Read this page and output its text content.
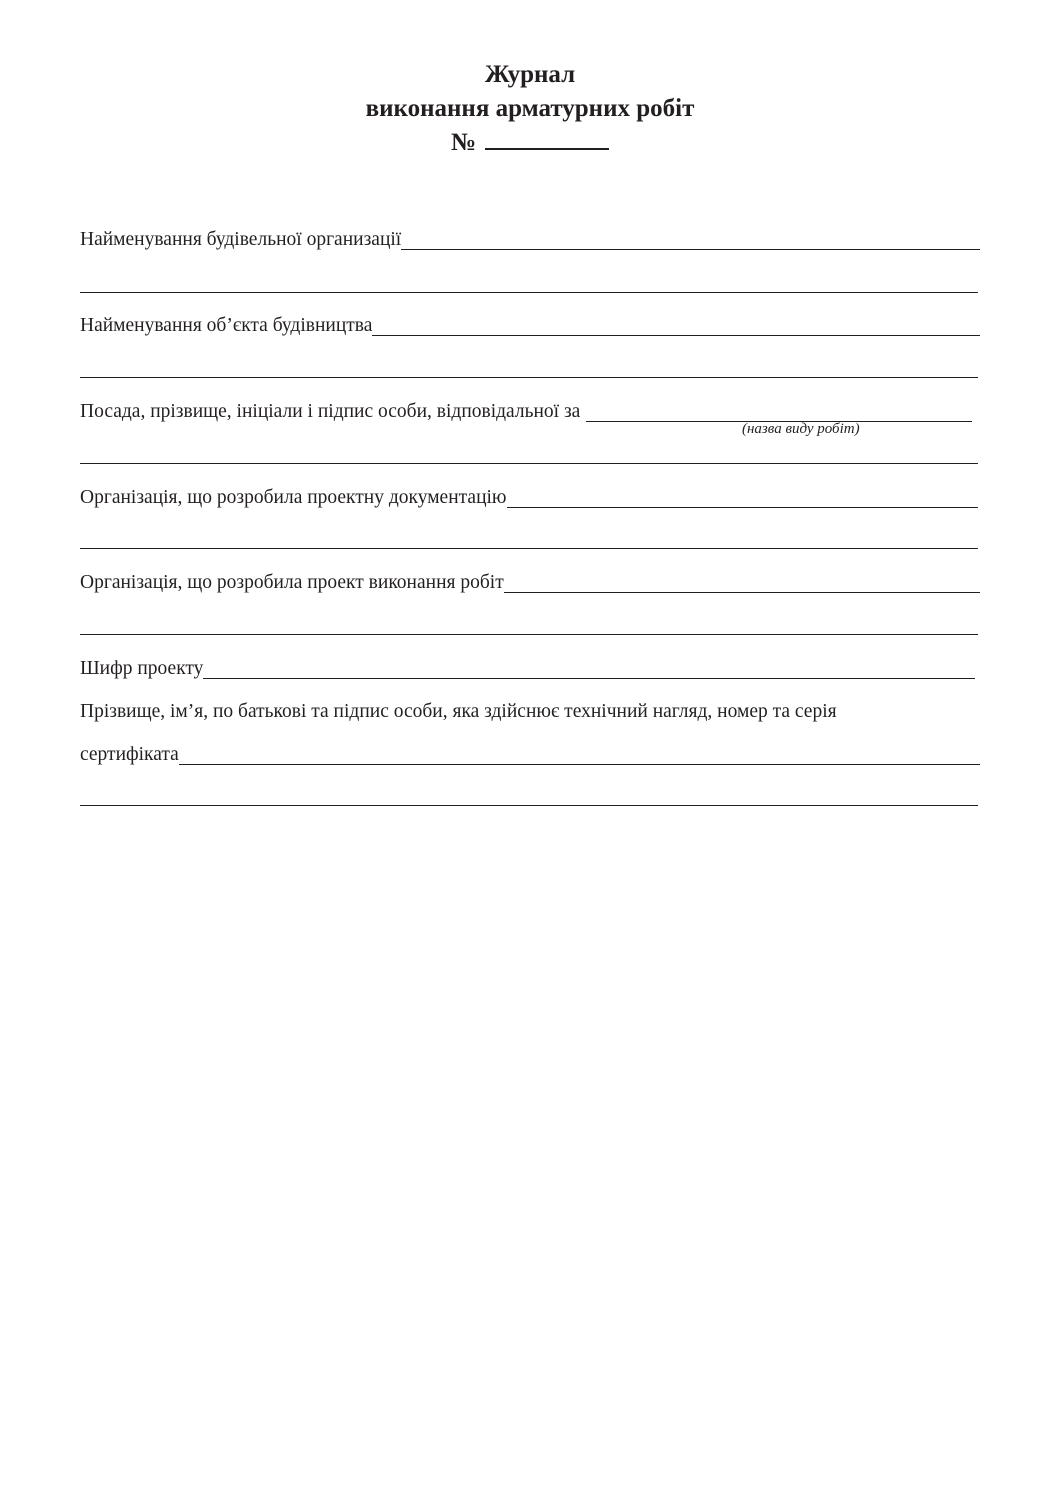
Журнал
виконання арматурних робіт
№
Найменування будівельної организації
Найменування об’єкта будівництва
Посада, прізвище, ініціали і підпис особи, відповідальної за
(назва виду робіт)
Організація, що розробила проектну документацію
Організація, що розробила проект виконання робіт
Шифр проекту
Прізвище, ім’я, по батькові та підпис особи, яка здійснює технічний нагляд, номер та серія
сертифіката
